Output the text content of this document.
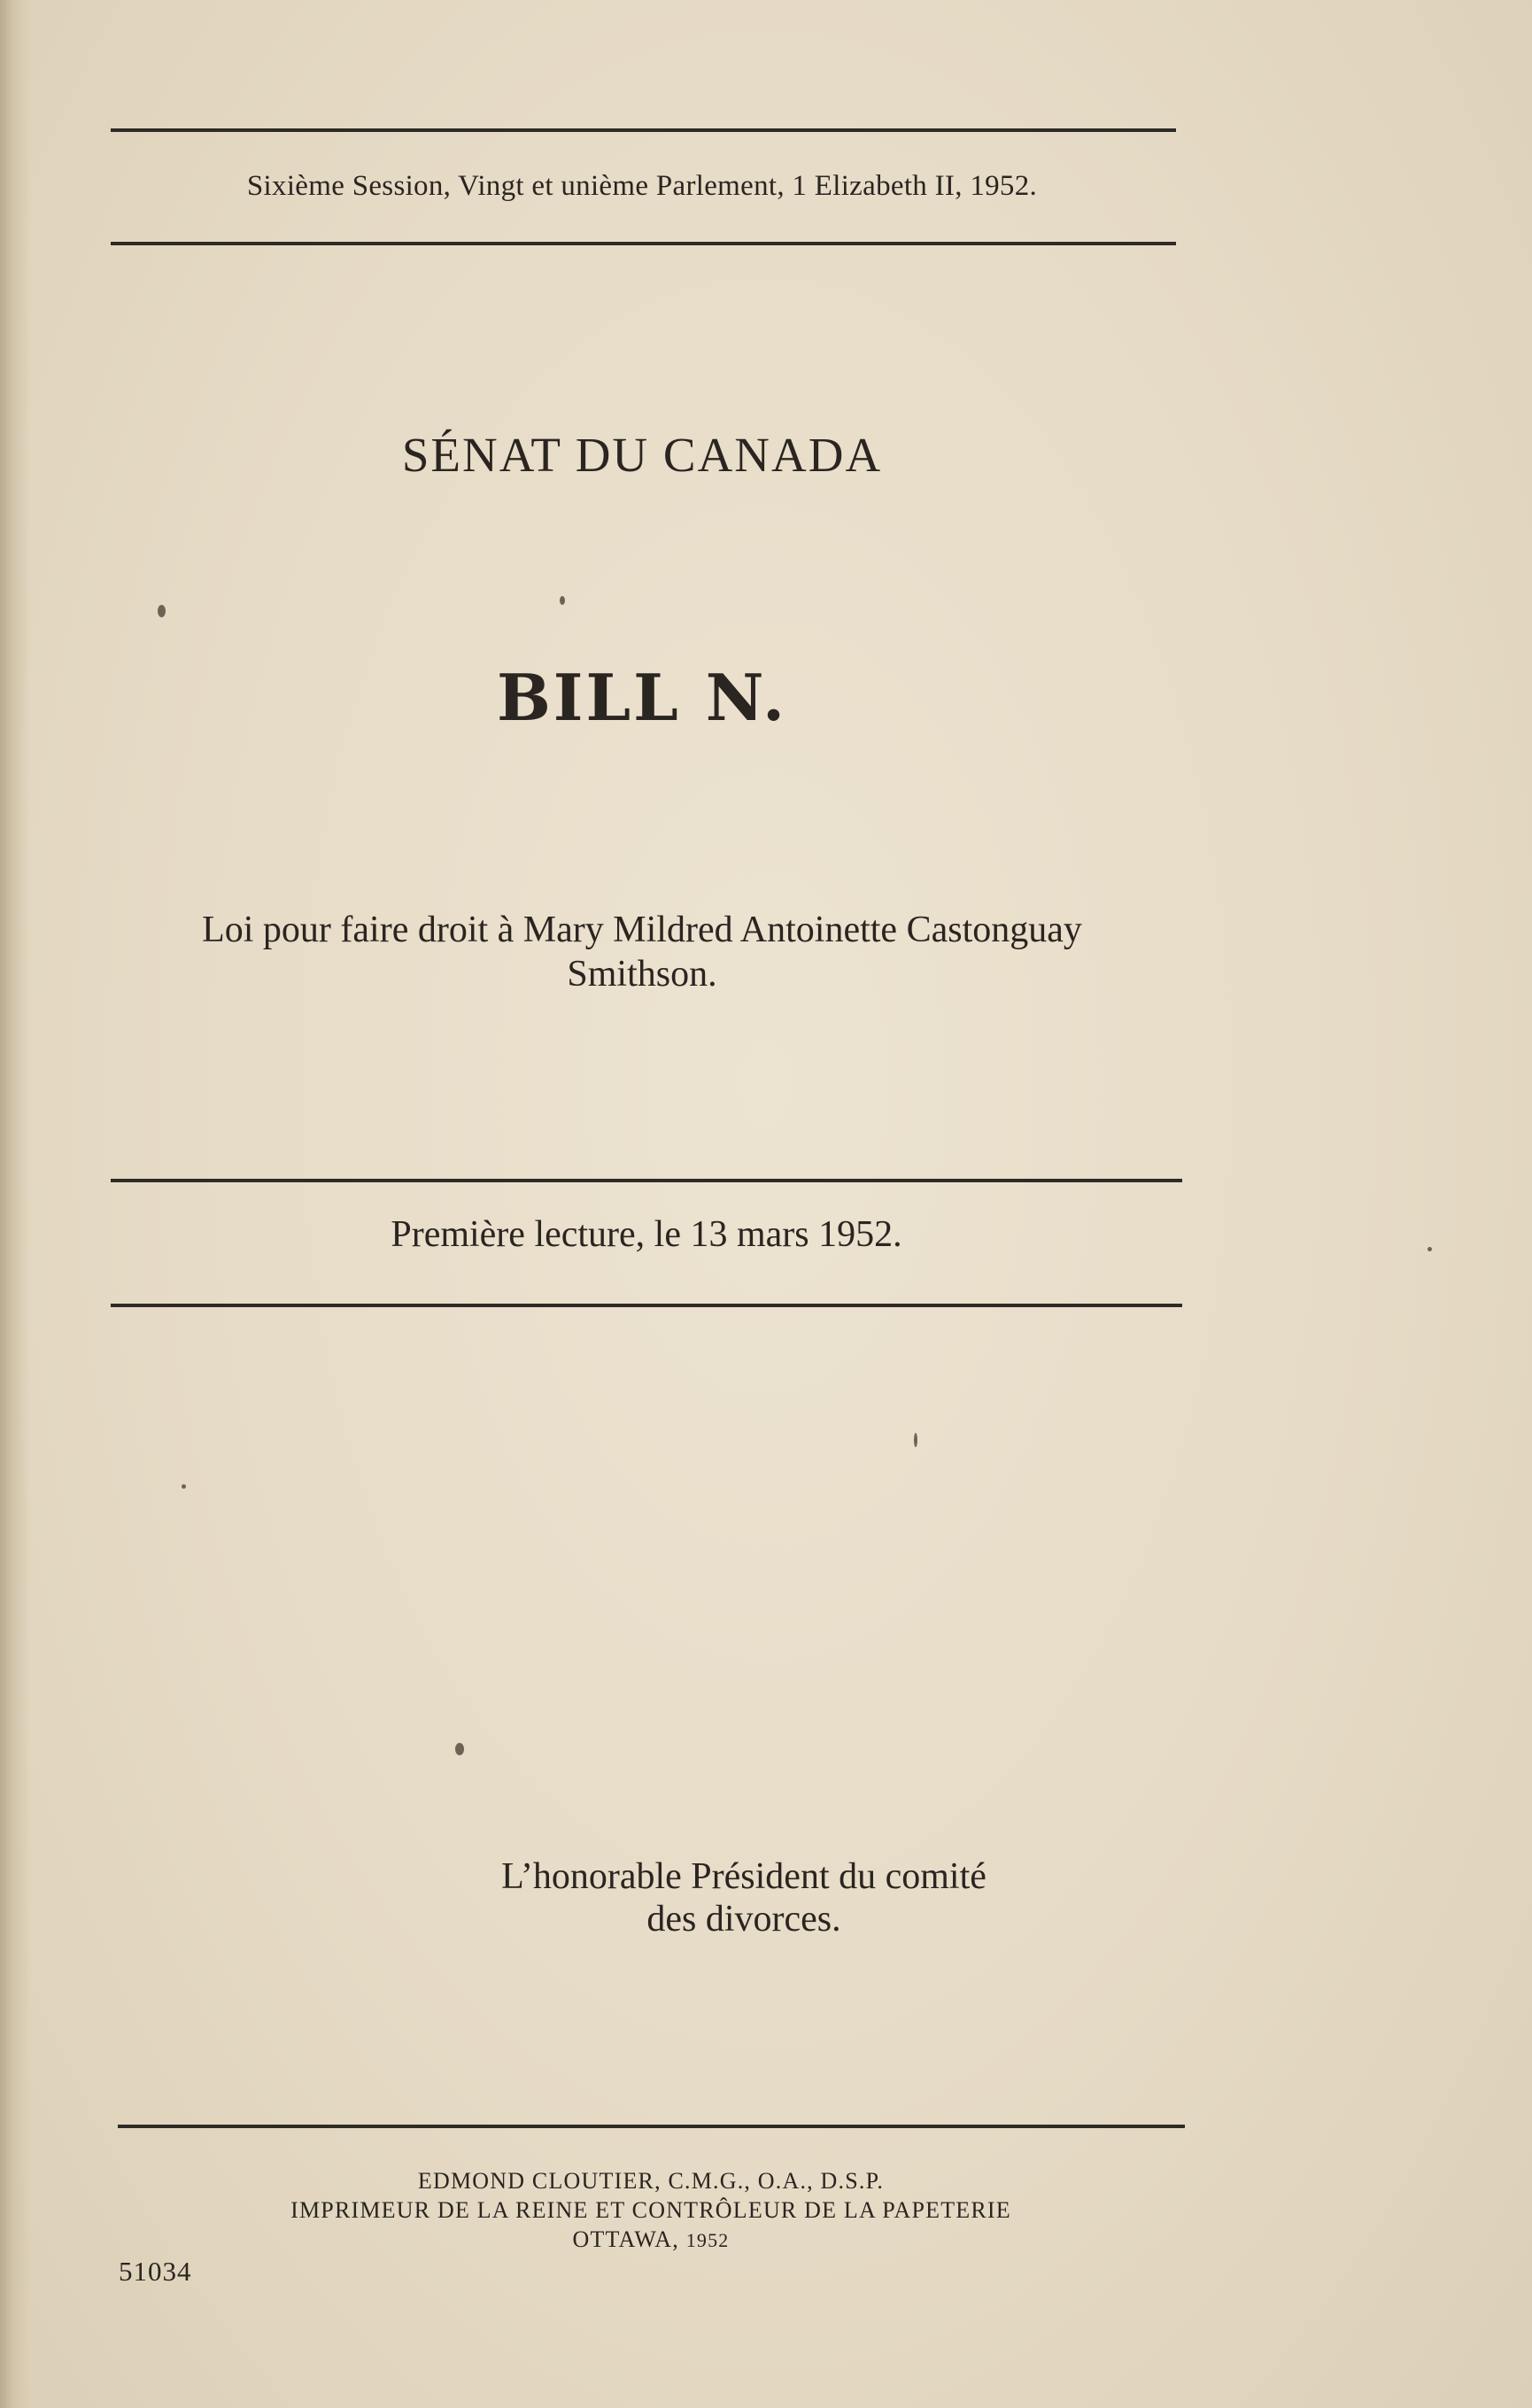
Sixième Session, Vingt et unième Parlement, 1 Elizabeth II, 1952.
SÉNAT DU CANADA
BILL N.
Loi pour faire droit à Mary Mildred Antoinette Castonguay
Smithson.
Première lecture, le 13 mars 1952.
L’honorable Président du comité
des divorces.
EDMOND CLOUTIER, C.M.G., O.A., D.S.P.
IMPRIMEUR DE LA REINE ET CONTRÔLEUR DE LA PAPETERIE
OTTAWA, 1952
51034
